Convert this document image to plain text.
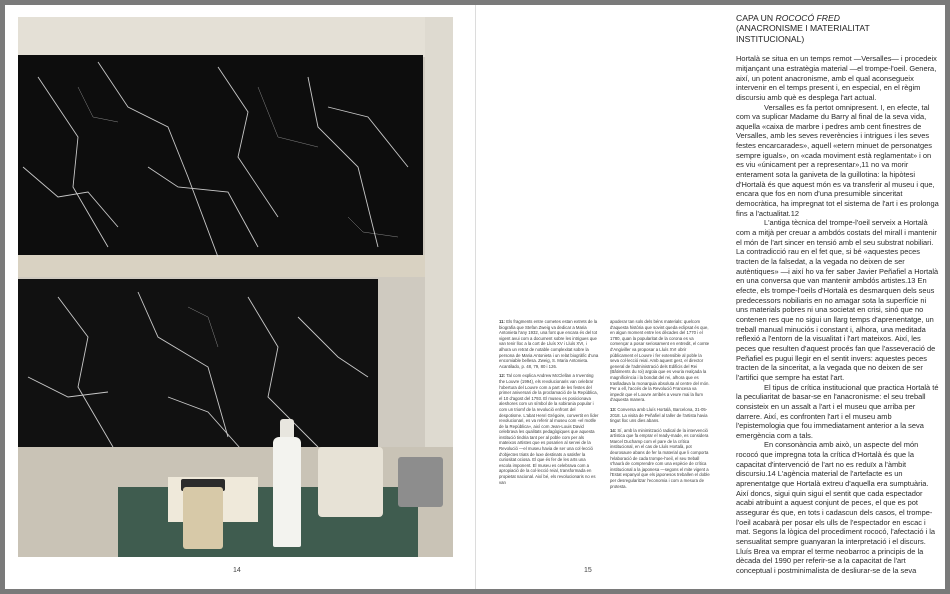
14	15

11: Els fragments entre cometes estan extrets de la biografia que Stefan Zweig va dedicar a Maria Antonieta l'any 1932, una font que encara és del tot vigent avui com a document sobre les intrigues que van tenir lloc a la cort de Lluís XV i Lluís XVI, i alhora un retrat de notable complexitat sobre la persona de Maria Antonieta i un relat biogràfic d'una encomiable bellesa. Zweig, S. Maria Antonieta. Acantilado, p. 48, 79, 80 i 126.

12: Tal com explica Andrew McClellan a Inventing the Louvre (1994), els revolucionaris van celebrar l'obertura del Louvre com a part de les festes del primer aniversari de la proclamació de la República, el 10 d'agost del 1793. El museu es posicionava aleshores com un símbol de la sobirania popular i com un triomf de la revolució enfront del despotisme. L'abat Henri Grégoire, convertit en líder revolucionari, es va referir al museu com «el motlle de la República», així com Jean-Louis David celebrava les qualitats pedagògiques que aquesta institució tindria tant per al poble com per als mateixos artistes que es posarien al servei de la Revolució —el museu havia de ser una col·lecció d'objectes triats de luxe destinats a satisfer la curiositat ociosa. El que és fer de les arts una escola imponent. El museu es celebrava com a apropiació de la col·lecció reial, transformada en propietat nacional. Així bé, els revolucionaris no es van

apoderar tan sols dels béns materials: quelcom d'aquesta història que sovint queda eclipsat és que, en algun moment entre les dècades del 1770 i el 1780, quan la popularitat de la corona es va començar a posar seriosament en entredit, el comte d'Angiviller va proposar a Lluís XVI obrir públicament el Louvre i fer extensible al poble la seva col·lecció reial. Amb aquest gest, el director general de l'administració dels Edificis del Rei (Bâtiments du roi) argüia que es veuria realçada la magnificència i la bondat del rei, alhora que es traslladava la monarquia absoluta al centre del món. Per a ell, l'accés de la Revolució Francesa va impedir que el Louvre arribés a veure mai la llum d'aquesta manera.

13: Conversa amb Lluís Hortalà, Barcelona, 31-05-2018. La visita de Peñafiel al taller de l'artista havia tingut lloc uns dies abans.

14: Sí, amb la minimització radical de la intervenció artística que fa emprar el ready-made, es considera Marcel Duchamp com el pare de la crítica institucional, en el cas de Lluís Hortalà, pot deurosaure abans de fer la material que li comporta l'elaboració de cada trompe-l'oeil, el seu treball s'haurà de comprendre com una espècie de crítica institucional a la japonesa —segons el mite vigent a l'Estat espanyol que els japonesos treballen el doble per desregularitzar l'economia i com a mesura de protesta.

CAPA UN ROCOCÓ FRED
(ANACRONISME I MATERIALITAT INSTITUCIONAL)

Hortalà se situa en un temps remot —Versalles— i procedeix mitjançant una estratègia material —el trompe-l'oeil. Genera, així, un potent anacronisme, amb el qual aconsegueix intervenir en el temps present i, en especial, en el règim discursiu amb què es desplega l'art actual.

Versalles es fa pertot omnipresent. I, en efecte, tal com va suplicar Madame du Barry al final de la seva vida, aquella «caixa de marbre i pedres amb cent finestres de Versalles, amb les seves reverències i intrigues i les seves festes encarcarades», aquell «etern minuet de personatges sempre iguals», on «cada moviment està reglamentat» i on es viu «únicament per a representar»,11 no va morir enterament sota la ganiveta de la guillotina: la hipòtesi d'Hortalà és que aquest món es va transferir al museu i que, encara que fos en nom d'una presumible sinceritat democràtica, ha impregnat tot el sistema de l'art i es prolonga fins a l'actualitat.12

L'antiga tècnica del trompe-l'oeil serveix a Hortalà com a mitjà per creuar a ambdós costats del mirall i mantenir el món de l'art sincer en tensió amb el seu substrat nobiliari. La contradicció rau en el fet que, si bé «aquestes peces tracten de la falsedat, a la vegada no deixen de ser autèntiques» —i així ho va fer saber Javier Peñafiel a Hortalà en una conversa que van mantenir ambdós artistes.13 En efecte, els trompe-l'oeils d'Hortalà es desmarquen dels seus predecessors nobiliaris en no amagar sota la superfície ni uns materials pobres ni una societat en crisi, sinó que no contenen res que no sigui un llarg temps d'aprenentatge, un treball manual minuciós i constant i, alhora, una meditada reflexió a l'entorn de la visualitat i l'art mateixos. Així, les peces que resulten d'aquest procés fan que l'asseveració de Peñafiel es pugui llegir en el sentit invers: aquestes peces tracten de la sinceritat, a la vegada que no deixen de ser l'artifici que sempre ha estat l'art.

El tipus de crítica institucional que practica Hortalà té la peculiaritat de basar-se en l'anacronisme: el seu treball consisteix en un assalt a l'art i el museu que arriba per darrere. Així, es confronten l'art i el museu amb l'epistemologia que fou immediatament anterior a la seva emergència com a tals.

En consonància amb això, un aspecte del món rococó que impregna tota la crítica d'Hortalà és que la capacitat d'intervenció de l'art no es reduïx a l'àmbit discursiu.14 L'agència material de l'artefacte es un aprenentatge que Hortalà extreu d'aquella era sumptuària. Així doncs, sigui quin sigui el sentit que cada espectador acabi atribuint a aquest conjunt de peces, el que es pot assegurar és que, en tots i cadascun dels casos, el trompe-l'oeil acabarà per posar els ulls de l'espectador en escac i mat. Segons la lògica del procediment rococó, l'afectació i la sensualitat sempre guanyaran la interpretació i el discurs. Lluís Brea va emprar el terme neobarroc a principis de la dècada del 1990 per referir-se a la capacitat de l'art conceptual i postminimalista de desliurar-se de la seva
